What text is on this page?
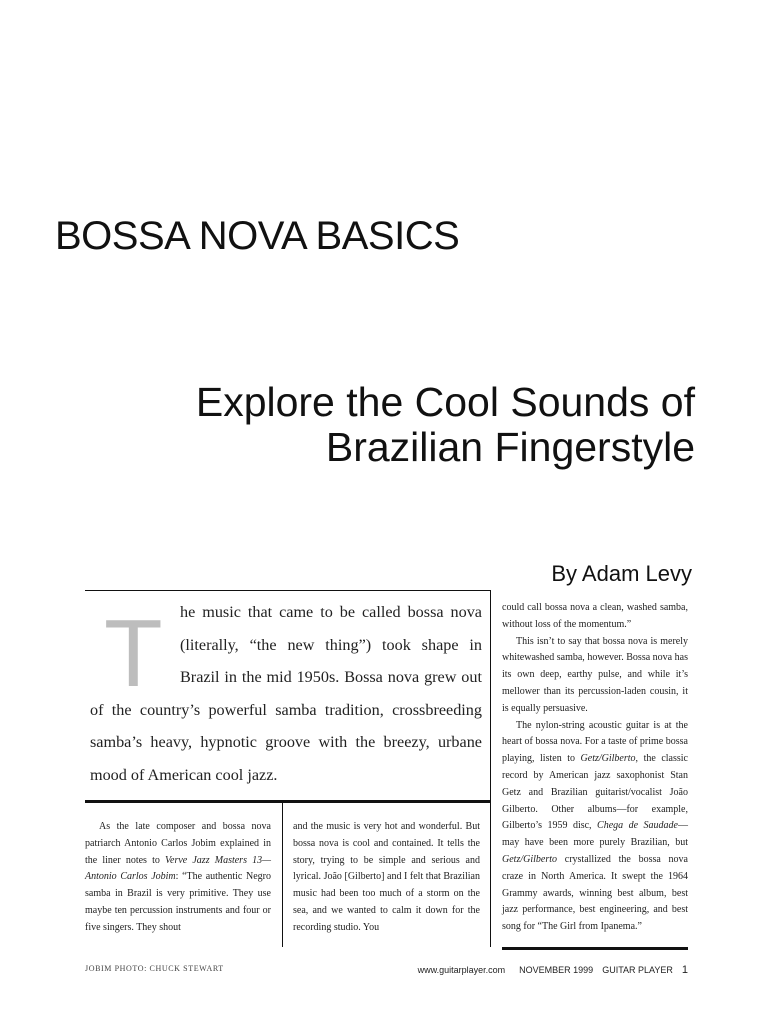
BOSSA NOVA BASICS
Explore the Cool Sounds of
Brazilian Fingerstyle
By Adam Levy
T	he music that came to be called bossa nova (literally, “the new thing”) took shape in Brazil in the mid 1950s. Bossa nova grew out of the country’s powerful samba tradition, crossbreeding samba’s heavy, hypnotic groove with the breezy, urbane mood of American cool jazz.

As the late composer and bossa nova patriarch Antonio Carlos Jobim explained in the liner notes to Verve Jazz Masters 13—Antonio Carlos Jobim: “The authentic Negro samba in Brazil is very primitive. They use maybe ten percussion instruments and four or five singers. They shout

and the music is very hot and wonderful. But bossa nova is cool and contained. It tells the story, trying to be simple and serious and lyrical. João [Gilberto] and I felt that Brazilian music had been too much of a storm on the sea, and we wanted to calm it down for the recording studio. You

could call bossa nova a clean, washed samba, without loss of the momentum.”

This isn’t to say that bossa nova is merely whitewashed samba, however. Bossa nova has its own deep, earthy pulse, and while it’s mellower than its percussion-laden cousin, it is equally persuasive.

The nylon-string acoustic guitar is at the heart of bossa nova. For a taste of prime bossa playing, listen to Getz/Gilberto, the classic record by American jazz saxophonist Stan Getz and Brazilian guitarist/vocalist João Gilberto. Other albums—for example, Gilberto’s 1959 disc, Chega de Saudade—may have been more purely Brazilian, but Getz/Gilberto crystallized the bossa nova craze in North America. It swept the 1964 Grammy awards, winning best album, best jazz performance, best engineering, and best song for “The Girl from Ipanema.”

JOBIM PHOTO: CHUCK STEWART	www.guitarplayer.com NOVEMBER 1999 GUITAR PLAYER 1
